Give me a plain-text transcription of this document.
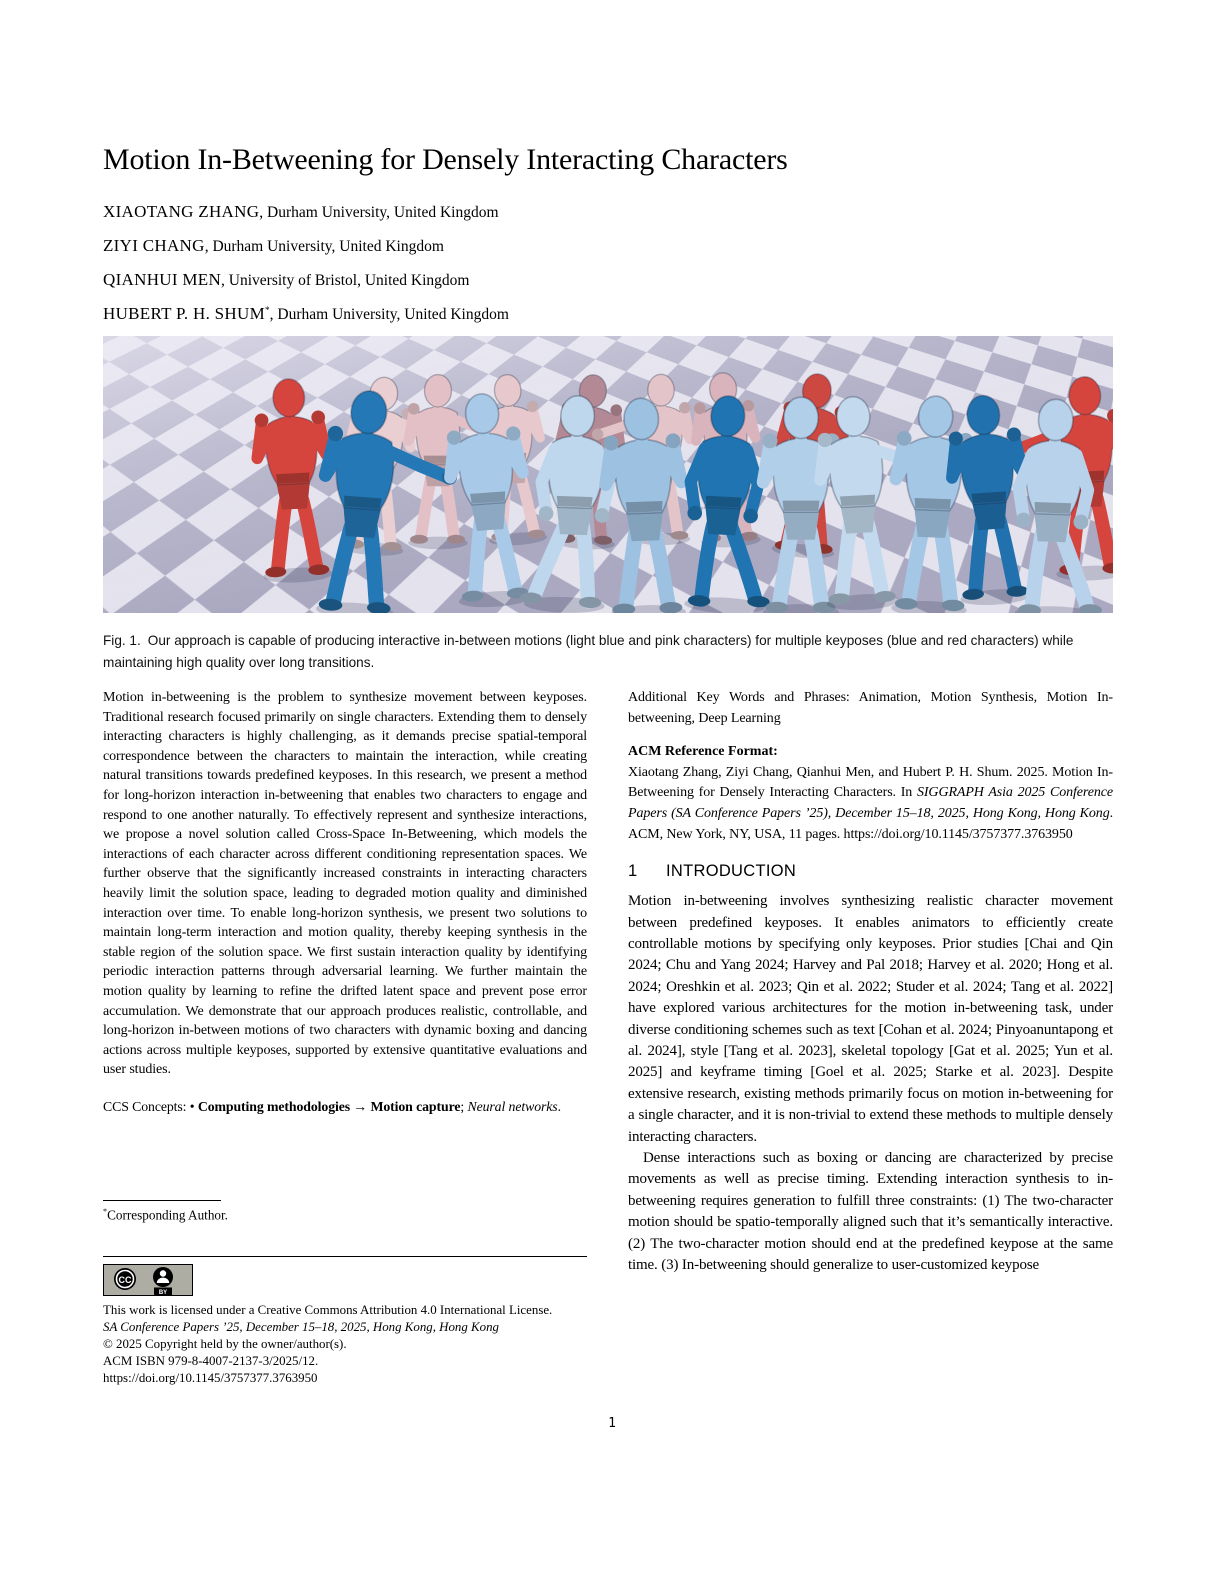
Motion In-Betweening for Densely Interacting Characters
XIAOTANG ZHANG, Durham University, United Kingdom
ZIYI CHANG, Durham University, United Kingdom
QIANHUI MEN, University of Bristol, United Kingdom
HUBERT P. H. SHUM*, Durham University, United Kingdom

Fig. 1. Our approach is capable of producing interactive in-between motions (light blue and pink characters) for multiple keyposes (blue and red characters) while maintaining high quality over long transitions.

Motion in-betweening is the problem to synthesize movement between keyposes. Traditional research focused primarily on single characters. Extending them to densely interacting characters is highly challenging, as it demands precise spatial-temporal correspondence between the characters to maintain the interaction, while creating natural transitions towards predefined keyposes. In this research, we present a method for long-horizon interaction in-betweening that enables two characters to engage and respond to one another naturally. To effectively represent and synthesize interactions, we propose a novel solution called Cross-Space In-Betweening, which models the interactions of each character across different conditioning representation spaces. We further observe that the significantly increased constraints in interacting characters heavily limit the solution space, leading to degraded motion quality and diminished interaction over time. To enable long-horizon synthesis, we present two solutions to maintain long-term interaction and motion quality, thereby keeping synthesis in the stable region of the solution space. We first sustain interaction quality by identifying periodic interaction patterns through adversarial learning. We further maintain the motion quality by learning to refine the drifted latent space and prevent pose error accumulation. We demonstrate that our approach produces realistic, controllable, and long-horizon in-between motions of two characters with dynamic boxing and dancing actions across multiple keyposes, supported by extensive quantitative evaluations and user studies.

CCS Concepts: • Computing methodologies → Motion capture; Neural networks.

*Corresponding Author.
CC
BY
This work is licensed under a Creative Commons Attribution 4.0 International License.
SA Conference Papers ’25, December 15–18, 2025, Hong Kong, Hong Kong
© 2025 Copyright held by the owner/author(s).
ACM ISBN 979-8-4007-2137-3/2025/12.
https://doi.org/10.1145/3757377.3763950

Additional Key Words and Phrases: Animation, Motion Synthesis, Motion In-betweening, Deep Learning

ACM Reference Format:

Xiaotang Zhang, Ziyi Chang, Qianhui Men, and Hubert P. H. Shum. 2025. Motion In-Betweening for Densely Interacting Characters. In SIGGRAPH Asia 2025 Conference Papers (SA Conference Papers ’25), December 15–18, 2025, Hong Kong, Hong Kong. ACM, New York, NY, USA, 11 pages. https://doi.org/10.1145/3757377.3763950

1 INTRODUCTION

Motion in-betweening involves synthesizing realistic character movement between predefined keyposes. It enables animators to efficiently create controllable motions by specifying only keyposes. Prior studies [Chai and Qin 2024; Chu and Yang 2024; Harvey and Pal 2018; Harvey et al. 2020; Hong et al. 2024; Oreshkin et al. 2023; Qin et al. 2022; Studer et al. 2024; Tang et al. 2022] have explored various architectures for the motion in-betweening task, under diverse conditioning schemes such as text [Cohan et al. 2024; Pinyoanuntapong et al. 2024], style [Tang et al. 2023], skeletal topology [Gat et al. 2025; Yun et al. 2025] and keyframe timing [Goel et al. 2025; Starke et al. 2023]. Despite extensive research, existing methods primarily focus on motion in-betweening for a single character, and it is non-trivial to extend these methods to multiple densely interacting characters.

Dense interactions such as boxing or dancing are characterized by precise movements as well as precise timing. Extending interaction synthesis to in-betweening requires generation to fulfill three constraints: (1) The two-character motion should be spatio-temporally aligned such that it’s semantically interactive. (2) The two-character motion should end at the predefined keypose at the same time. (3) In-betweening should generalize to user-customized keypose

1
